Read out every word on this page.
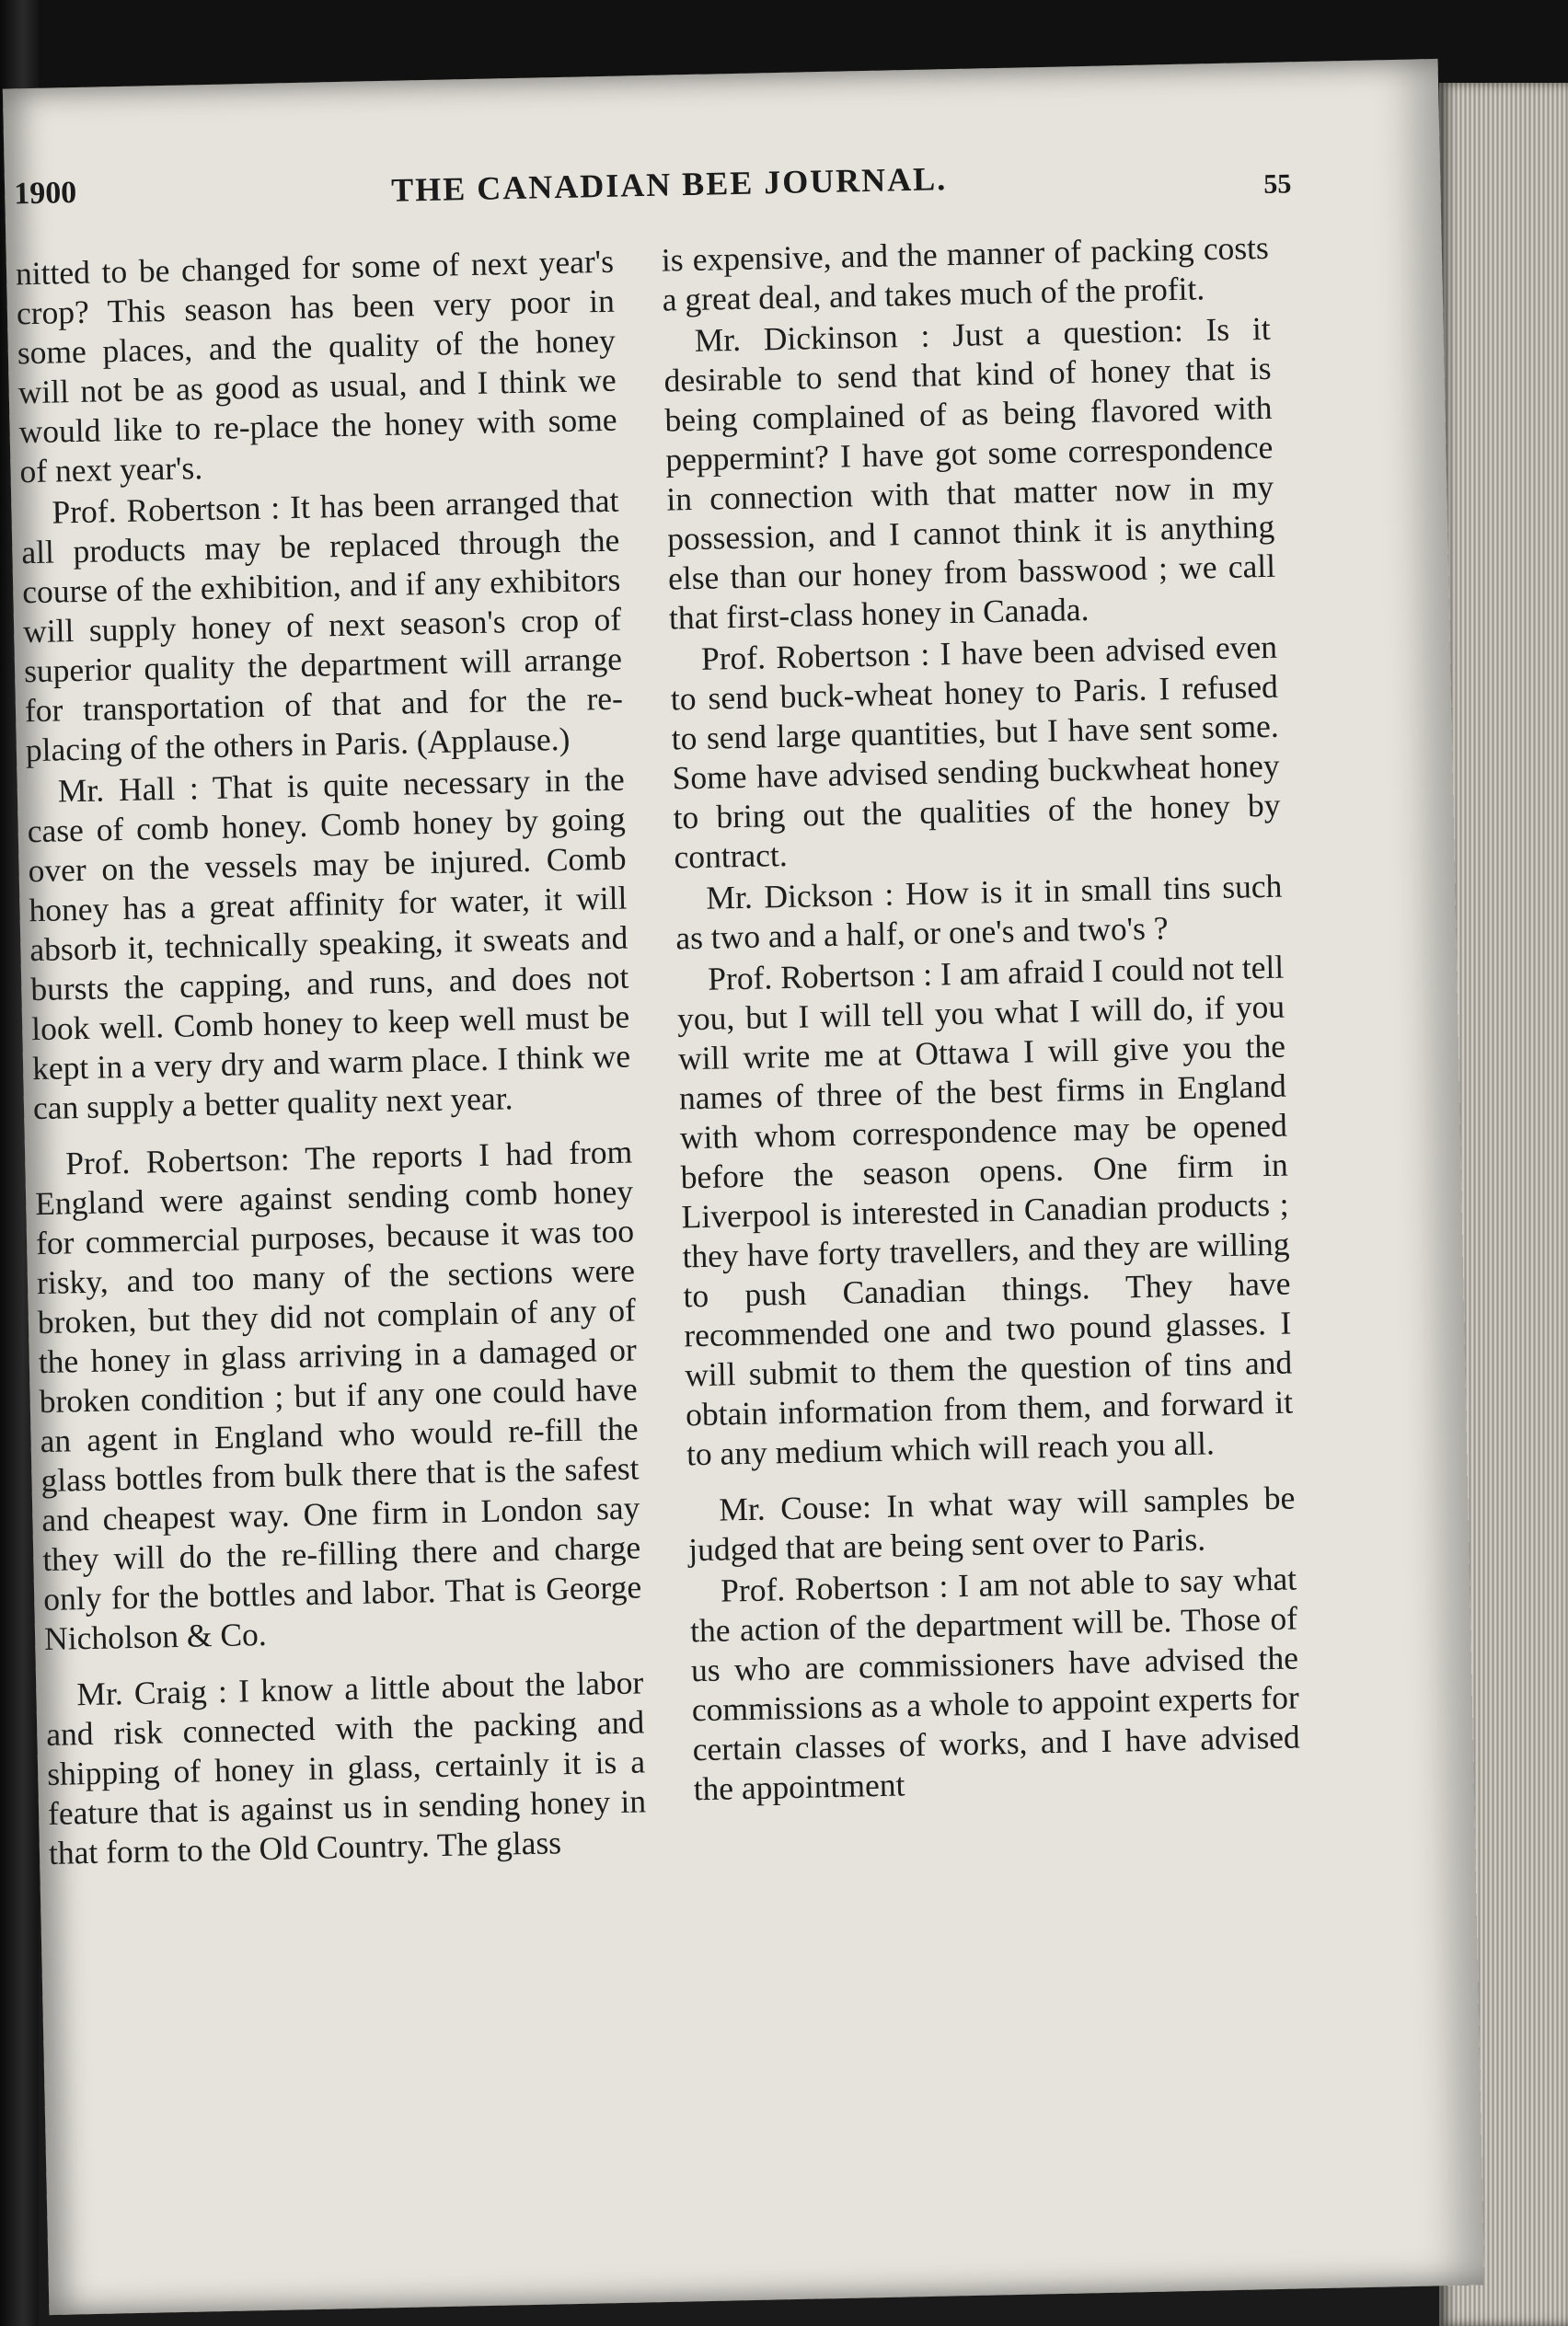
1900	THE CANADIAN BEE JOURNAL.	55

nitted to be changed for some of next year's crop? This season has been very poor in some places, and the quality of the honey will not be as good as usual, and I think we would like to re-place the honey with some of next year's.

Prof. Robertson : It has been arranged that all products may be replaced through the course of the exhibition, and if any exhibitors will supply honey of next season's crop of superior quality the department will arrange for transportation of that and for the re-placing of the others in Paris. (Applause.)

Mr. Hall : That is quite necessary in the case of comb honey. Comb honey by going over on the vessels may be injured. Comb honey has a great affinity for water, it will absorb it, technically speaking, it sweats and bursts the capping, and runs, and does not look well. Comb honey to keep well must be kept in a very dry and warm place. I think we can supply a better quality next year.

Prof. Robertson: The reports I had from England were against sending comb honey for commercial purposes, because it was too risky, and too many of the sections were broken, but they did not complain of any of the honey in glass arriving in a damaged or broken condition ; but if any one could have an agent in England who would re-fill the glass bottles from bulk there that is the safest and cheapest way. One firm in London say they will do the re-filling there and charge only for the bottles and labor. That is George Nicholson & Co.

Mr. Craig : I know a little about the labor and risk connected with the packing and shipping of honey in glass, certainly it is a feature that is against us in sending honey in that form to the Old Country. The glass

is expensive, and the manner of packing costs a great deal, and takes much of the profit.

Mr. Dickinson : Just a question: Is it desirable to send that kind of honey that is being complained of as being flavored with peppermint? I have got some correspondence in connection with that matter now in my possession, and I cannot think it is anything else than our honey from basswood ; we call that first-class honey in Canada.

Prof. Robertson : I have been advised even to send buck-wheat honey to Paris. I refused to send large quantities, but I have sent some. Some have advised sending buckwheat honey to bring out the qualities of the honey by contract.

Mr. Dickson : How is it in small tins such as two and a half, or one's and two's ?

Prof. Robertson : I am afraid I could not tell you, but I will tell you what I will do, if you will write me at Ottawa I will give you the names of three of the best firms in England with whom correspondence may be opened before the season opens. One firm in Liverpool is interested in Canadian products ; they have forty travellers, and they are willing to push Canadian things. They have recommended one and two pound glasses. I will submit to them the question of tins and obtain information from them, and forward it to any medium which will reach you all.

Mr. Couse: In what way will samples be judged that are being sent over to Paris.

Prof. Robertson : I am not able to say what the action of the department will be. Those of us who are commissioners have advised the commissions as a whole to appoint experts for certain classes of works, and I have advised the appointment
